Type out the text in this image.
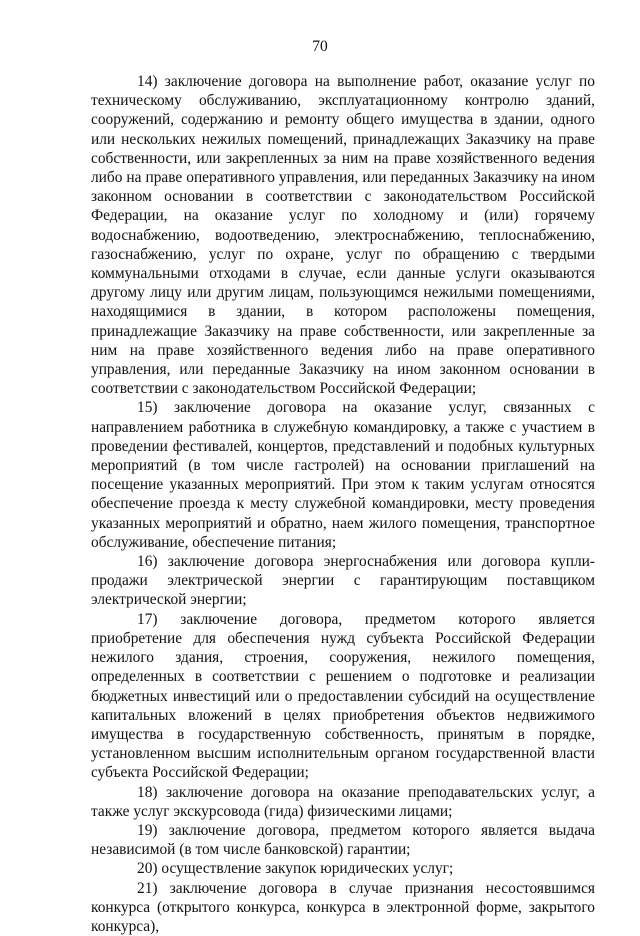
70

14) заключение договора на выполнение работ, оказание услуг по техническому обслуживанию, эксплуатационному контролю зданий, сооружений, содержанию и ремонту общего имущества в здании, одного или нескольких нежилых помещений, принадлежащих Заказчику на праве собственности, или закрепленных за ним на праве хозяйственного ведения либо на праве оперативного управления, или переданных Заказчику на ином законном основании в соответствии с законодательством Российской Федерации, на оказание услуг по холодному и (или) горячему водоснабжению, водоотведению, электроснабжению, теплоснабжению, газоснабжению, услуг по охране, услуг по обращению с твердыми коммунальными отходами в случае, если данные услуги оказываются другому лицу или другим лицам, пользующимся нежилыми помещениями, находящимися в здании, в котором расположены помещения, принадлежащие Заказчику на праве собственности, или закрепленные за ним на праве хозяйственного ведения либо на праве оперативного управления, или переданные Заказчику на ином законном основании в соответствии с законодательством Российской Федерации;

15) заключение договора на оказание услуг, связанных с направлением работника в служебную командировку, а также с участием в проведении фестивалей, концертов, представлений и подобных культурных мероприятий (в том числе гастролей) на основании приглашений на посещение указанных мероприятий. При этом к таким услугам относятся обеспечение проезда к месту служебной командировки, месту проведения указанных мероприятий и обратно, наем жилого помещения, транспортное обслуживание, обеспечение питания;

16) заключение договора энергоснабжения или договора купли-продажи электрической энергии с гарантирующим поставщиком электрической энергии;

17) заключение договора, предметом которого является приобретение для обеспечения нужд субъекта Российской Федерации нежилого здания, строения, сооружения, нежилого помещения, определенных в соответствии с решением о подготовке и реализации бюджетных инвестиций или о предоставлении субсидий на осуществление капитальных вложений в целях приобретения объектов недвижимого имущества в государственную собственность, принятым в порядке, установленном высшим исполнительным органом государственной власти субъекта Российской Федерации;

18) заключение договора на оказание преподавательских услуг, а также услуг экскурсовода (гида) физическими лицами;

19) заключение договора, предметом которого является выдача независимой (в том числе банковской) гарантии;

20) осуществление закупок юридических услуг;

21) заключение договора в случае признания несостоявшимся конкурса (открытого конкурса, конкурса в электронной форме, закрытого конкурса),
